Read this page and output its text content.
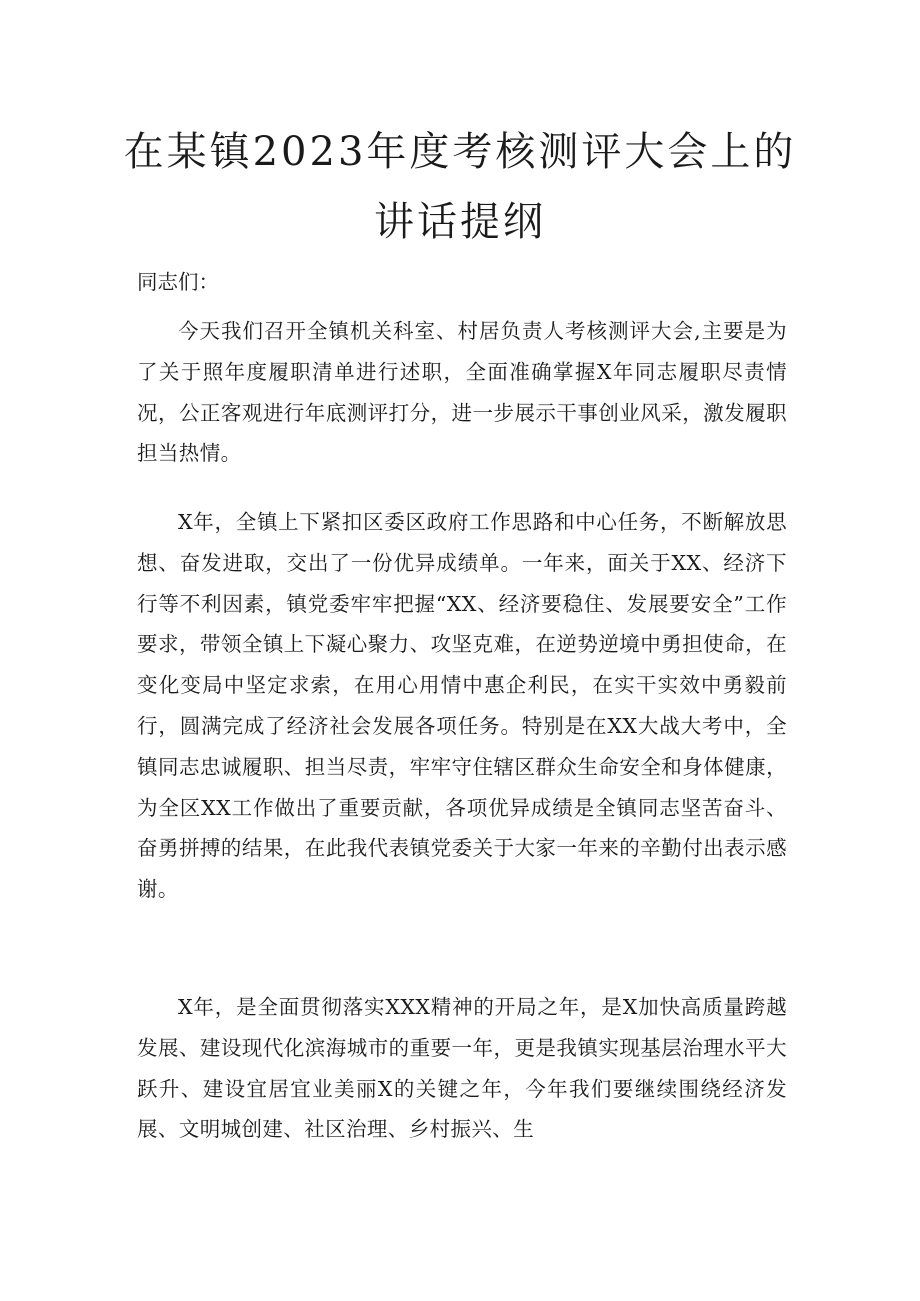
在某镇2023年度考核测评大会上的
讲话提纲

同志们：

今天我们召开全镇机关科室、村居负责人考核测评大会,主要是为了关于照年度履职清单进行述职，全面准确掌握X年同志履职尽责情况，公正客观进行年底测评打分，进一步展示干事创业风采，激发履职担当热情。

X年，全镇上下紧扣区委区政府工作思路和中心任务，不断解放思想、奋发进取，交出了一份优异成绩单。一年来，面关于XX、经济下行等不利因素，镇党委牢牢把握“XX、经济要稳住、发展要安全”工作要求，带领全镇上下凝心聚力、攻坚克难，在逆势逆境中勇担使命，在变化变局中坚定求索，在用心用情中惠企利民，在实干实效中勇毅前行，圆满完成了经济社会发展各项任务。特别是在XX大战大考中，全镇同志忠诚履职、担当尽责，牢牢守住辖区群众生命安全和身体健康，为全区XX工作做出了重要贡献，各项优异成绩是全镇同志坚苦奋斗、奋勇拼搏的结果，在此我代表镇党委关于大家一年来的辛勤付出表示感谢。

X年，是全面贯彻落实XXX精神的开局之年，是X加快高质量跨越发展、建设现代化滨海城市的重要一年，更是我镇实现基层治理水平大跃升、建设宜居宜业美丽X的关键之年，今年我们要继续围绕经济发展、文明城创建、社区治理、乡村振兴、生
